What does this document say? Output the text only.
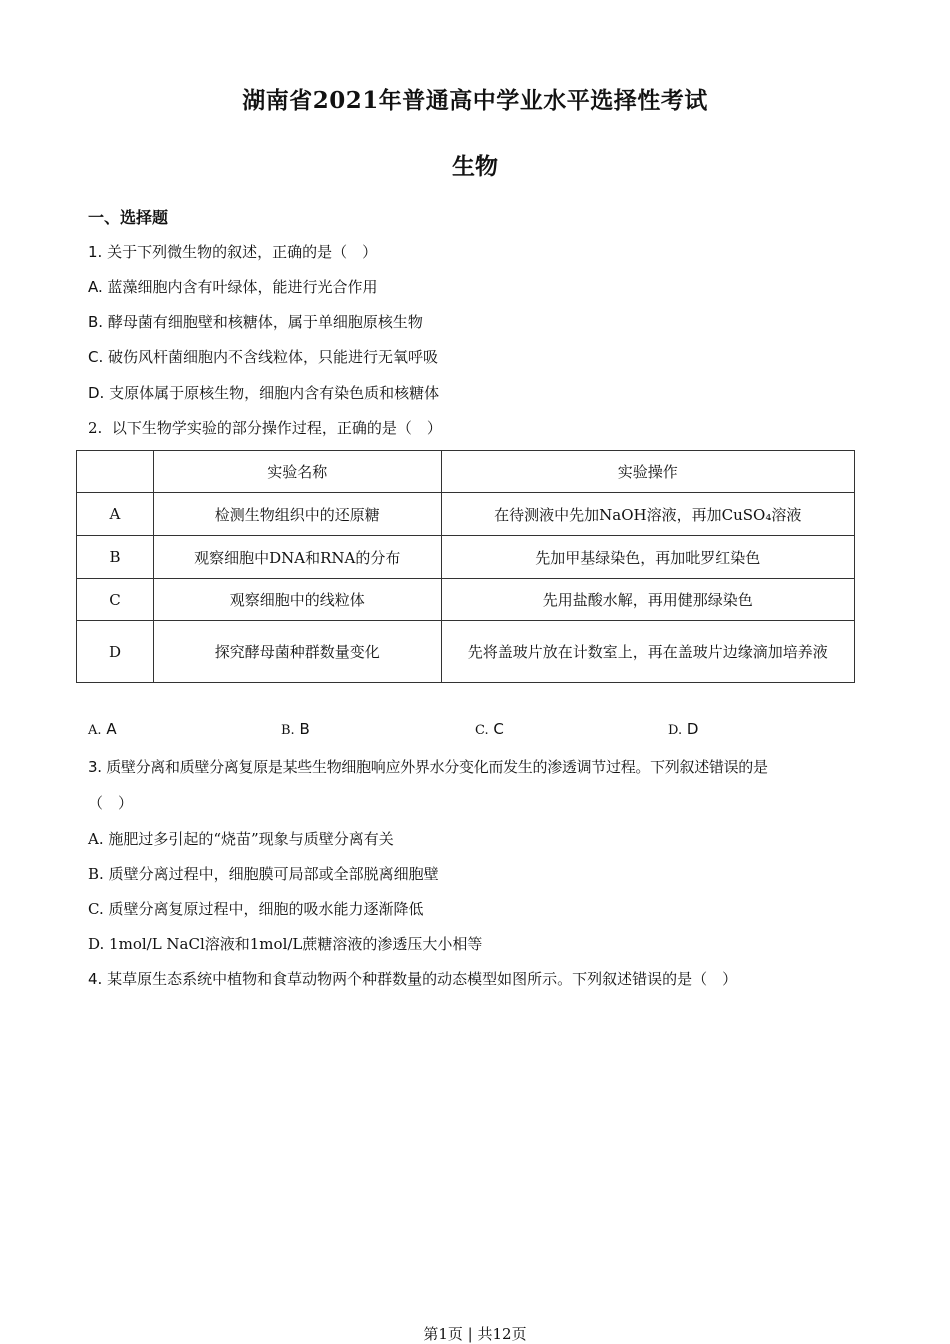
湖南省2021年普通高中学业水平选择性考试
生物
一、选择题
1. 关于下列微生物的叙述，正确的是（　）
A. 蓝藻细胞内含有叶绿体，能进行光合作用
B. 酵母菌有细胞壁和核糖体，属于单细胞原核生物
C. 破伤风杆菌细胞内不含线粒体，只能进行无氧呼吸
D. 支原体属于原核生物，细胞内含有染色质和核糖体
2. 以下生物学实验的部分操作过程，正确的是（　）
	实验名称	实验操作
A	检测生物组织中的还原糖	在待测液中先加NaOH溶液，再加CuSO₄溶液
B	观察细胞中DNA和RNA的分布	先加甲基绿染色，再加吡罗红染色
C	观察细胞中的线粒体	先用盐酸水解，再用健那绿染色
D	探究酵母菌种群数量变化	先将盖玻片放在计数室上，再在盖玻片边缘滴加培养液
A. A	B. B	C. C	D. D
3. 质壁分离和质壁分离复原是某些生物细胞响应外界水分变化而发生的渗透调节过程。下列叙述错误的是
（　）
A. 施肥过多引起的“烧苗”现象与质壁分离有关
B. 质壁分离过程中，细胞膜可局部或全部脱离细胞壁
C. 质壁分离复原过程中，细胞的吸水能力逐渐降低
D. 1mol/L NaCl溶液和1mol/L蔗糖溶液的渗透压大小相等
4. 某草原生态系统中植物和食草动物两个种群数量的动态模型如图所示。下列叙述错误的是（　）
第1页 | 共12页
